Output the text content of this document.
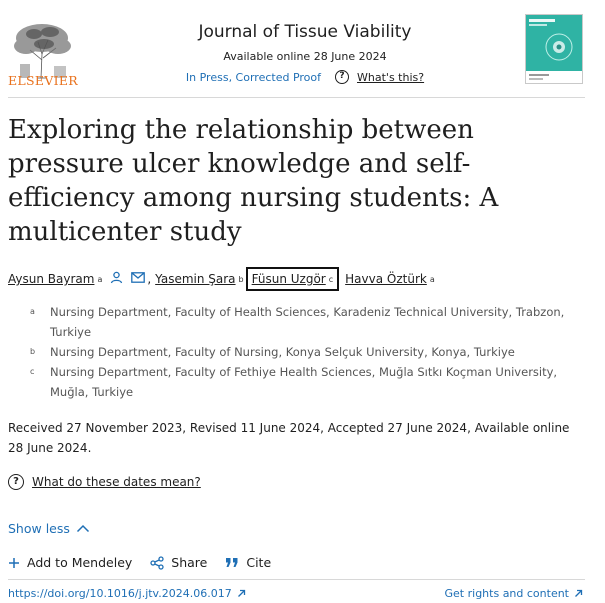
ELSEVIER
Journal of Tissue Viability
Available online 28 June 2024
In Press, Corrected Proof	?	What's this?
Exploring the relationship between pressure ulcer knowledge and self-efficiency among nursing students: A multicenter study
Aysun Bayram a	, Yasemin Şara b Füsun Uzgör c Havva Öztürk a
a	Nursing Department, Faculty of Health Sciences, Karadeniz Technical University, Trabzon, Turkiye
b	Nursing Department, Faculty of Nursing, Konya Selçuk University, Konya, Turkiye
c	Nursing Department, Faculty of Fethiye Health Sciences, Muğla Sıtkı Koçman University, Muğla, Turkiye
Received 27 November 2023, Revised 11 June 2024, Accepted 27 June 2024, Available online 28 June 2024.
?	What do these dates mean?
Show less
Add to Mendeley	Share	Cite
https://doi.org/10.1016/j.jtv.2024.06.017	Get rights and content
